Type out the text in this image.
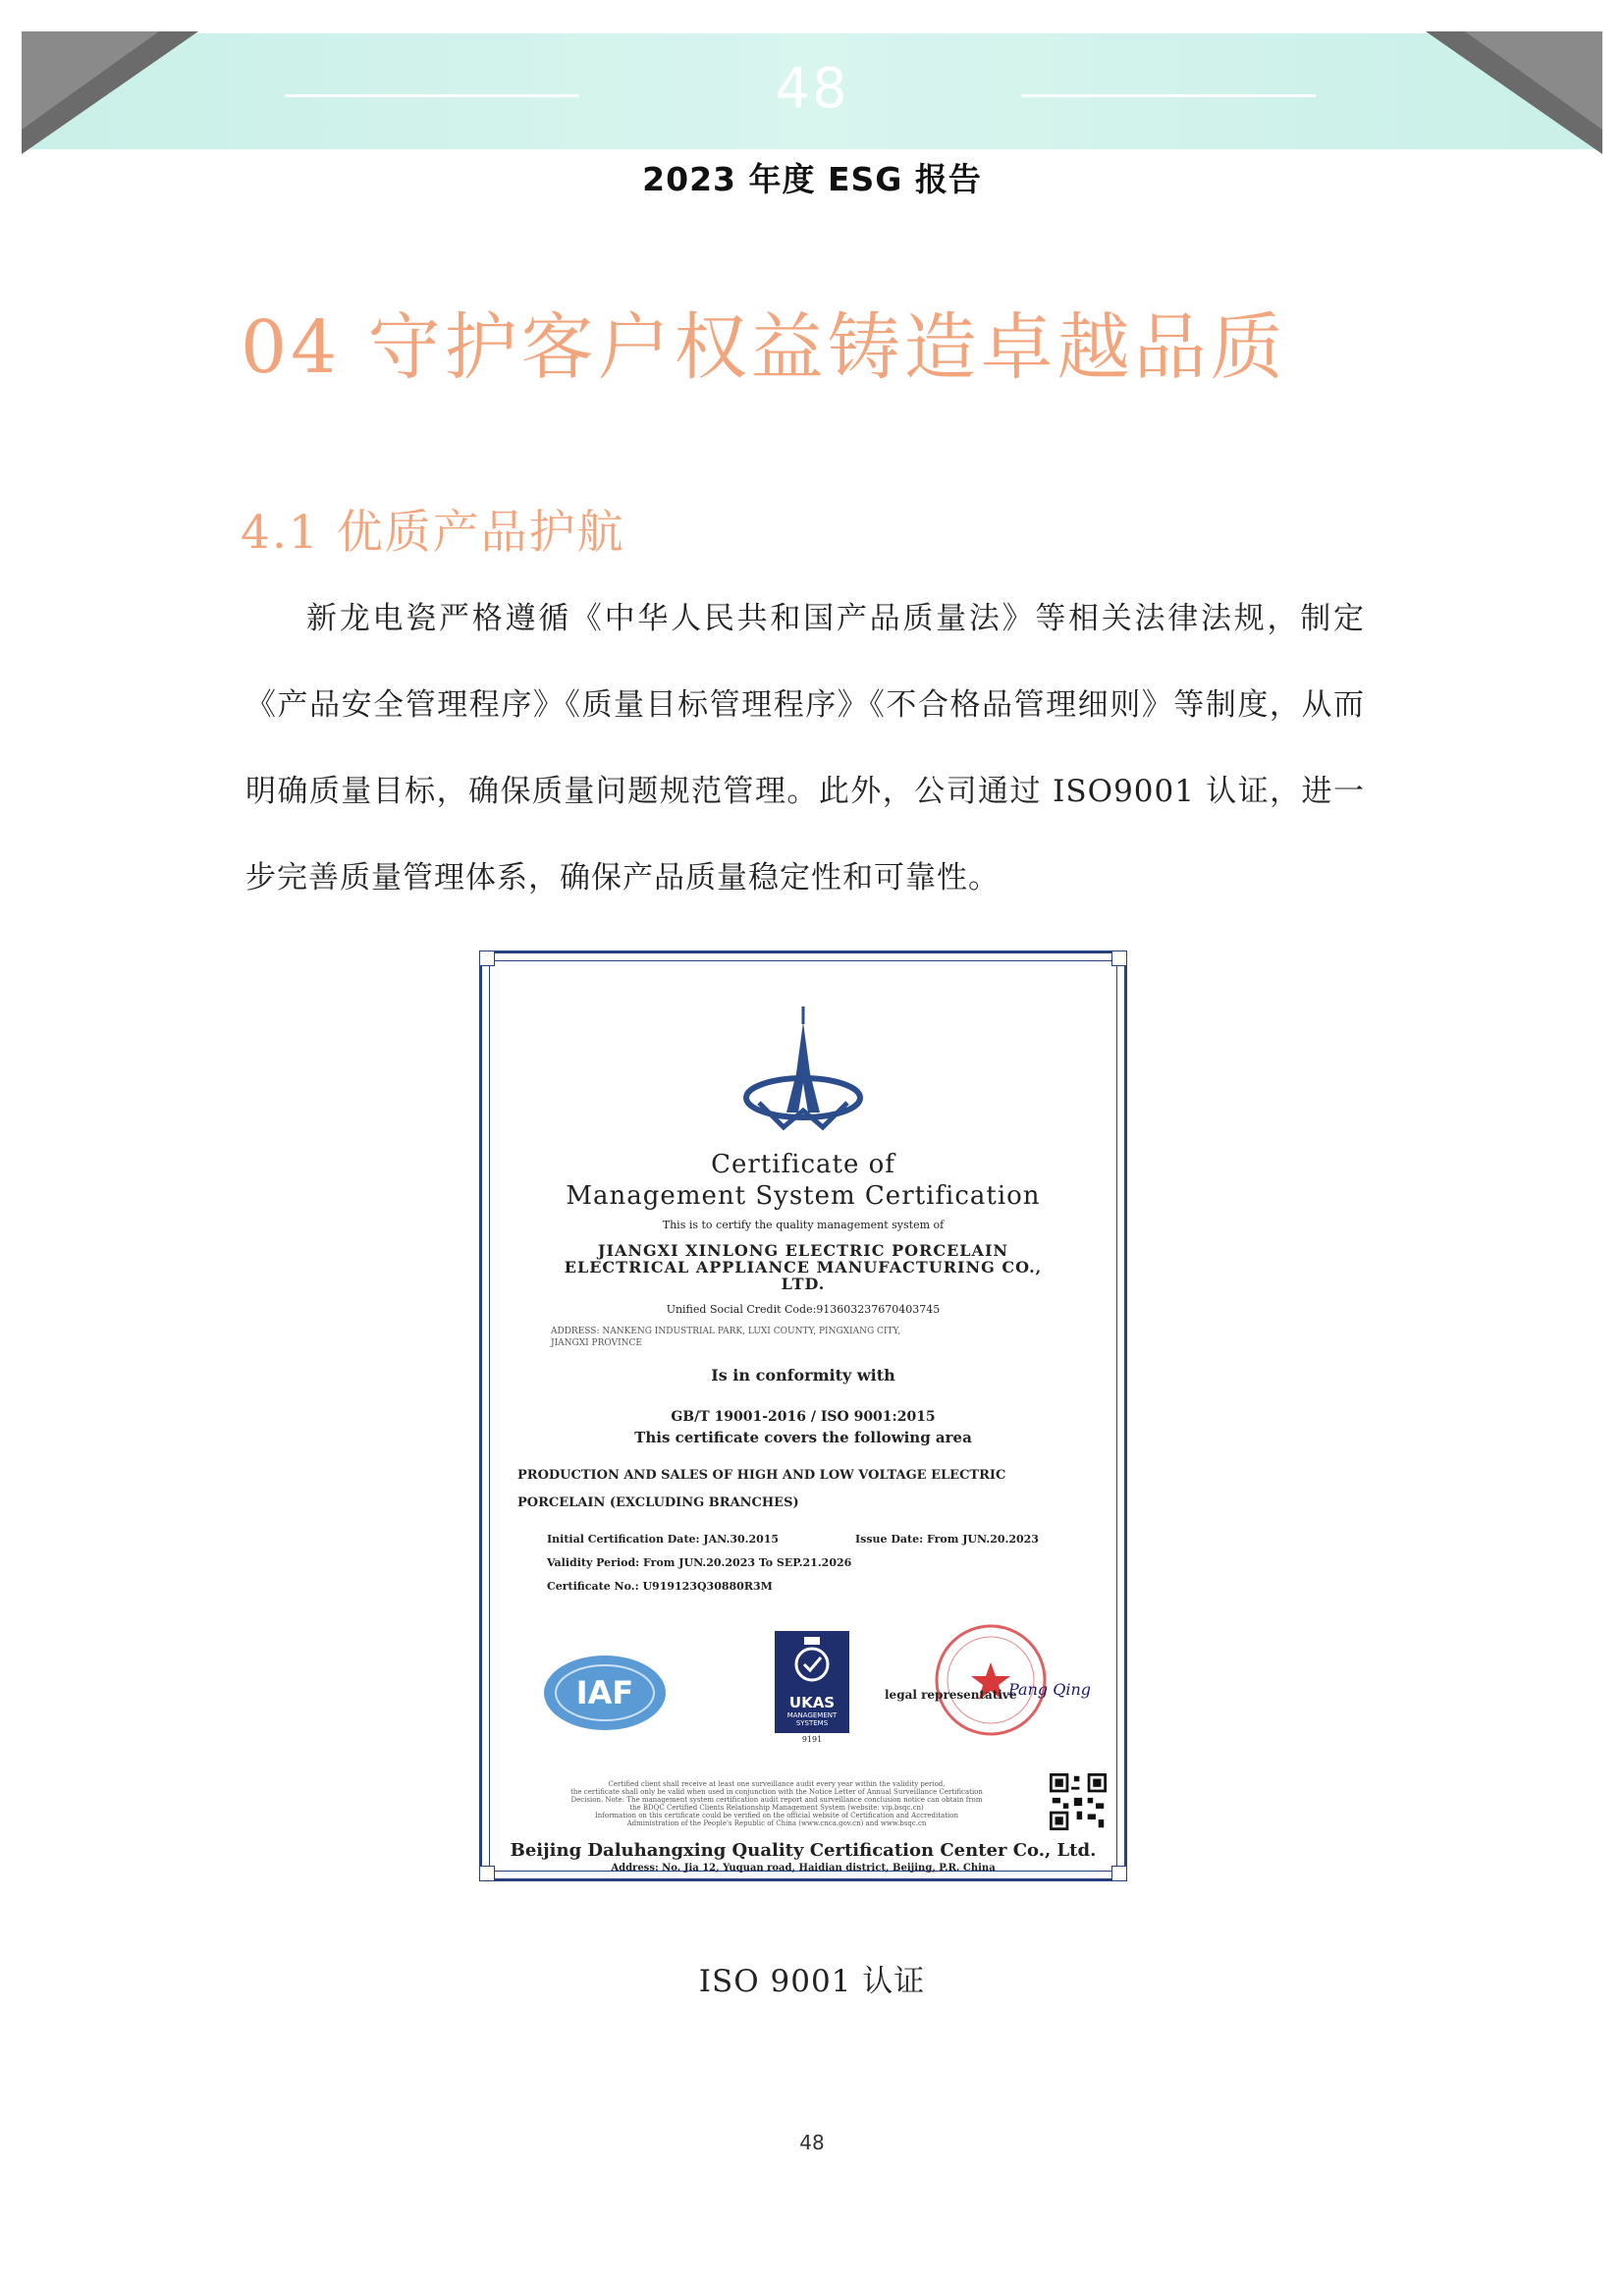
48
2023 年度 ESG 报告
04 守护客户权益铸造卓越品质
4.1 优质产品护航
新龙电瓷严格遵循《中华人民共和国产品质量法》等相关法律法规，制定《产品安全管理程序》《质量目标管理程序》《不合格品管理细则》等制度，从而明确质量目标，确保质量问题规范管理。此外，公司通过 ISO9001 认证，进一步完善质量管理体系，确保产品质量稳定性和可靠性。
Certificate of
Management System Certification
This is to certify the quality management system of
JIANGXI XINLONG ELECTRIC PORCELAIN
ELECTRICAL APPLIANCE MANUFACTURING CO.,
LTD.
Unified Social Credit Code:913603237670403745
ADDRESS: NANKENG INDUSTRIAL PARK, LUXI COUNTY, PINGXIANG CITY,
JIANGXI PROVINCE
Is in conformity with
GB/T 19001-2016 / ISO 9001:2015
This certificate covers the following area
PRODUCTION AND SALES OF HIGH AND LOW VOLTAGE ELECTRIC
PORCELAIN (EXCLUDING BRANCHES)
Initial Certification Date: JAN.30.2015	Issue Date: From JUN.20.2023
Validity Period: From JUN.20.2023 To SEP.21.2026
Certificate No.: U919123Q30880R3M
IAF	UKAS
MANAGEMENT SYSTEMS
9191
legal representative
Pang Qing
Certified client shall receive at least one surveillance audit every year within the validity period,
the certificate shall only be valid when used in conjunction with the Notice Letter of Annual Surveillance Certification
Decision. Note: The management system certification audit report and surveillance conclusion notice can obtain from
the BDQC Certified Clients Relationship Management System (website: vip.bsqc.cn)
Information on this certificate could be verified on the official website of Certification and Accreditation
Administration of the People's Republic of China (www.cnca.gov.cn) and www.bsqc.cn
Beijing Daluhangxing Quality Certification Center Co., Ltd.
Address: No. Jia 12, Yuquan road, Haidian district, Beijing, P.R. China
ISO 9001 认证
48
